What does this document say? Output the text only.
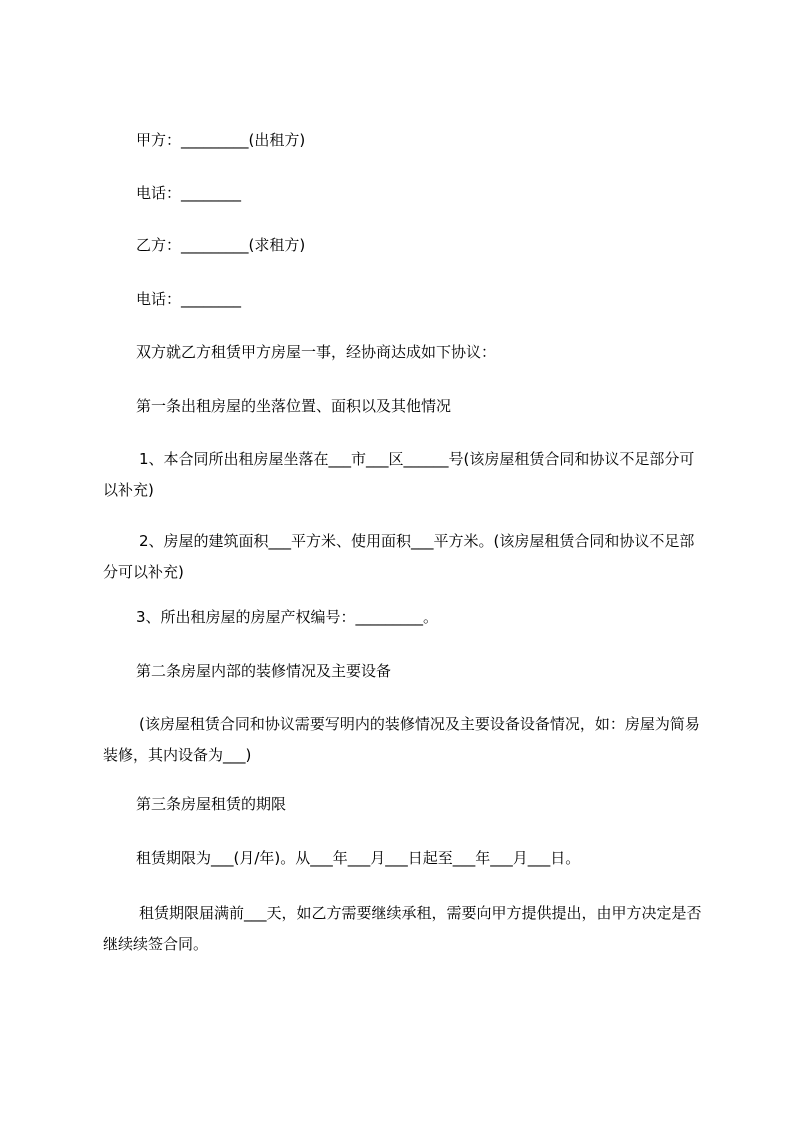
甲方：_________(出租方)

电话：________

乙方：_________(求租方)

电话：________

双方就乙方租赁甲方房屋一事，经协商达成如下协议：

第一条出租房屋的坐落位置、面积以及其他情况

1、本合同所出租房屋坐落在___市___区______号(该房屋租赁合同和协议不足部分可以补充)

2、房屋的建筑面积___平方米、使用面积___平方米。(该房屋租赁合同和协议不足部分可以补充)

3、所出租房屋的房屋产权编号：_________。

第二条房屋内部的装修情况及主要设备

(该房屋租赁合同和协议需要写明内的装修情况及主要设备设备情况，如：房屋为简易装修，其内设备为___)

第三条房屋租赁的期限

租赁期限为___(月/年)。从___年___月___日起至___年___月___日。

租赁期限届满前___天，如乙方需要继续承租，需要向甲方提供提出，由甲方决定是否继续续签合同。
